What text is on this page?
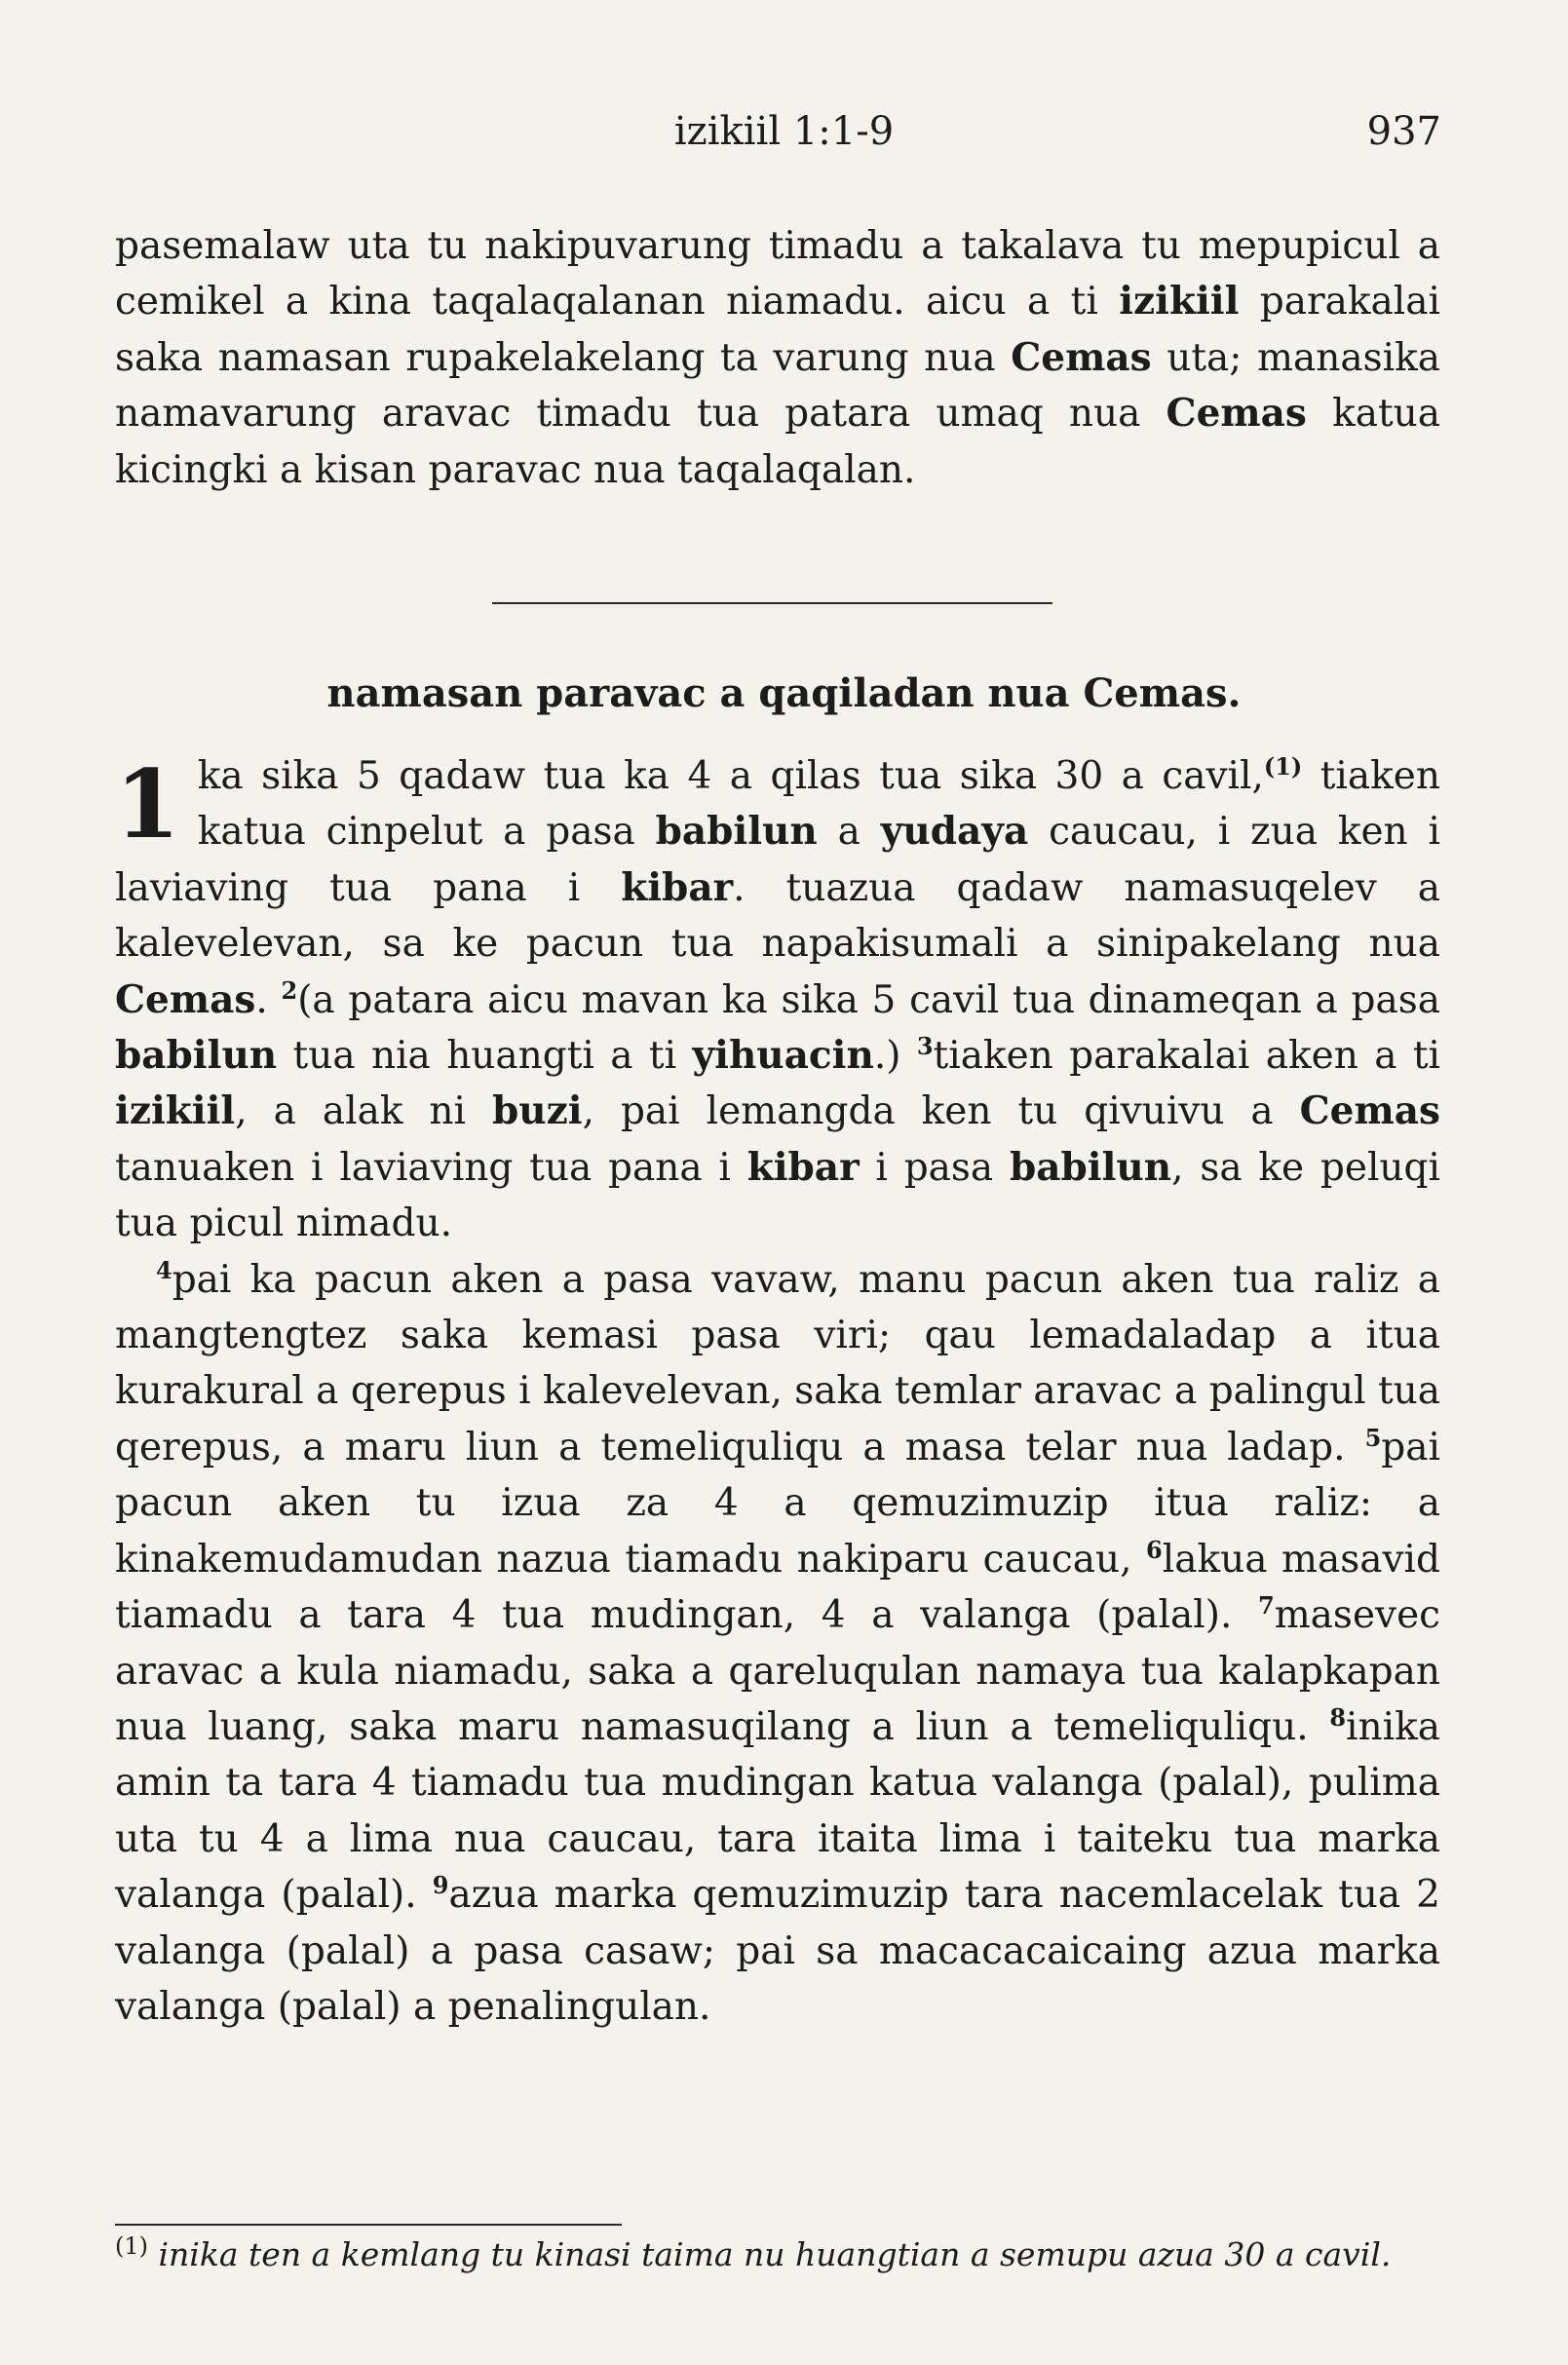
izikiil 1:1-9	937
pasemalaw uta tu nakipuvarung timadu a takalava tu mepupicul a cemikel a kina taqalaqalanan niamadu. aicu a ti izikiil parakalai saka namasan rupakelakelang ta varung nua Cemas uta; manasika namavarung aravac timadu tua patara umaq nua Cemas katua kicingki a kisan paravac nua taqalaqalan.
namasan paravac a qaqiladan nua Cemas.
1 ka sika 5 qadaw tua ka 4 a qilas tua sika 30 a cavil,$^{(1)}$ tiaken katua cinpelut a pasa babilun a yudaya caucau, i zua ken i laviaving tua pana i kibar. tuazua qadaw namasuqelev a kalevelevan, sa ke pacun tua napakisumali a sinipakelang nua Cemas. $^2$(a patara aicu mavan ka sika 5 cavil tua dinameqan a pasa babilun tua nia huangti a ti yihuacin.) $^3$tiaken parakalai aken a ti izikiil, a alak ni buzi, pai lemangda ken tu qivuivu a Cemas tanuaken i laviaving tua pana i kibar i pasa babilun, sa ke peluqi tua picul nimadu.
$^4$pai ka pacun aken a pasa vavaw, manu pacun aken tua raliz a mangtengtez saka kemasi pasa viri; qau lemadaladap a itua kurakural a qerepus i kalevelevan, saka temlar aravac a palingul tua qerepus, a maru liun a temeliquliqu a masa telar nua ladap. $^5$pai pacun aken tu izua za 4 a qemuzimuzip itua raliz: a kinakemudamudan nazua tiamadu nakiparu caucau, $^6$lakua masavid tiamadu a tara 4 tua mudingan, 4 a valanga (palal). $^7$masevec aravac a kula niamadu, saka a qareluqulan namaya tua kalapkapan nua luang, saka maru namasuqilang a liun a temeliquliqu. $^8$inika amin ta tara 4 tiamadu tua mudingan katua valanga (palal), pulima uta tu 4 a lima nua caucau, tara itaita lima i taiteku tua marka valanga (palal). $^9$azua marka qemuzimuzip tara nacemlacelak tua 2 valanga (palal) a pasa casaw; pai sa macacacaicaing azua marka valanga (palal) a penalingulan.
$^{(1)}$ inika ten a kemlang tu kinasi taima nu huangtian a semupu azua 30 a cavil.
